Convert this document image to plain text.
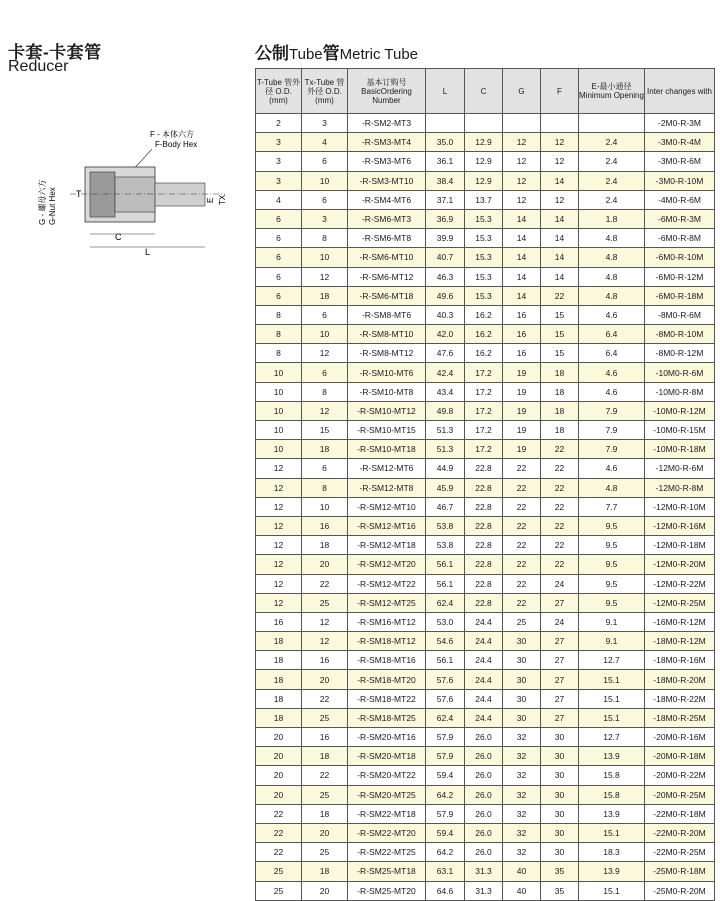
卡套-卡套管
Reducer
公制Tube管Metric Tube
F - 本体六方
F-Body Hex
G - 螺母六方 G-Nut Hex T
C
L
E TX
T-Tube 管外径 O.D. (mm)	Tx-Tube 管外径 O.D. (mm)	基本订购号 BasicOrdering Number	L	C	G	F	E-最小通径 Minimum Opening	Inter changes with
2	3	-R-SM2-MT3						-2M0-R-3M
3	4	-R-SM3-MT4	35.0	12.9	12	12	2.4	-3M0-R-4M
3	6	-R-SM3-MT6	36.1	12.9	12	12	2.4	-3M0-R-6M
3	10	-R-SM3-MT10	38.4	12.9	12	14	2.4	-3M0-R-10M
4	6	-R-SM4-MT6	37.1	13.7	12	12	2.4	-4M0-R-6M
6	3	-R-SM6-MT3	36.9	15.3	14	14	1.8	-6M0-R-3M
6	8	-R-SM6-MT8	39.9	15.3	14	14	4.8	-6M0-R-8M
6	10	-R-SM6-MT10	40.7	15.3	14	14	4.8	-6M0-R-10M
6	12	-R-SM6-MT12	46.3	15.3	14	14	4.8	-6M0-R-12M
6	18	-R-SM6-MT18	49.6	15.3	14	22	4.8	-6M0-R-18M
8	6	-R-SM8-MT6	40.3	16.2	16	15	4.6	-8M0-R-6M
8	10	-R-SM8-MT10	42.0	16.2	16	15	6.4	-8M0-R-10M
8	12	-R-SM8-MT12	47.6	16.2	16	15	6.4	-8M0-R-12M
10	6	-R-SM10-MT6	42.4	17.2	19	18	4.6	-10M0-R-6M
10	8	-R-SM10-MT8	43.4	17.2	19	18	4.6	-10M0-R-8M
10	12	-R-SM10-MT12	49.8	17.2	19	18	7.9	-10M0-R-12M
10	15	-R-SM10-MT15	51.3	17.2	19	18	7.9	-10M0-R-15M
10	18	-R-SM10-MT18	51.3	17.2	19	22	7.9	-10M0-R-18M
12	6	-R-SM12-MT6	44.9	22.8	22	22	4.6	-12M0-R-6M
12	8	-R-SM12-MT8	45.9	22.8	22	22	4.8	-12M0-R-8M
12	10	-R-SM12-MT10	46.7	22.8	22	22	7.7	-12M0-R-10M
12	16	-R-SM12-MT16	53.8	22.8	22	22	9.5	-12M0-R-16M
12	18	-R-SM12-MT18	53.8	22.8	22	22	9.5	-12M0-R-18M
12	20	-R-SM12-MT20	56.1	22.8	22	22	9.5	-12M0-R-20M
12	22	-R-SM12-MT22	56.1	22.8	22	24	9.5	-12M0-R-22M
12	25	-R-SM12-MT25	62.4	22.8	22	27	9.5	-12M0-R-25M
16	12	-R-SM16-MT12	53.0	24.4	25	24	9.1	-16M0-R-12M
18	12	-R-SM18-MT12	54.6	24.4	30	27	9.1	-18M0-R-12M
18	16	-R-SM18-MT16	56.1	24.4	30	27	12.7	-18M0-R-16M
18	20	-R-SM18-MT20	57.6	24.4	30	27	15.1	-18M0-R-20M
18	22	-R-SM18-MT22	57.6	24.4	30	27	15.1	-18M0-R-22M
18	25	-R-SM18-MT25	62.4	24.4	30	27	15.1	-18M0-R-25M
20	16	-R-SM20-MT16	57.9	26.0	32	30	12.7	-20M0-R-16M
20	18	-R-SM20-MT18	57.9	26.0	32	30	13.9	-20M0-R-18M
20	22	-R-SM20-MT22	59.4	26.0	32	30	15.8	-20M0-R-22M
20	25	-R-SM20-MT25	64.2	26.0	32	30	15.8	-20M0-R-25M
22	18	-R-SM22-MT18	57.9	26.0	32	30	13.9	-22M0-R-18M
22	20	-R-SM22-MT20	59.4	26.0	32	30	15.1	-22M0-R-20M
22	25	-R-SM22-MT25	64.2	26.0	32	30	18.3	-22M0-R-25M
25	18	-R-SM25-MT18	63.1	31.3	40	35	13.9	-25M0-R-18M
25	20	-R-SM25-MT20	64.6	31.3	40	35	15.1	-25M0-R-20M
